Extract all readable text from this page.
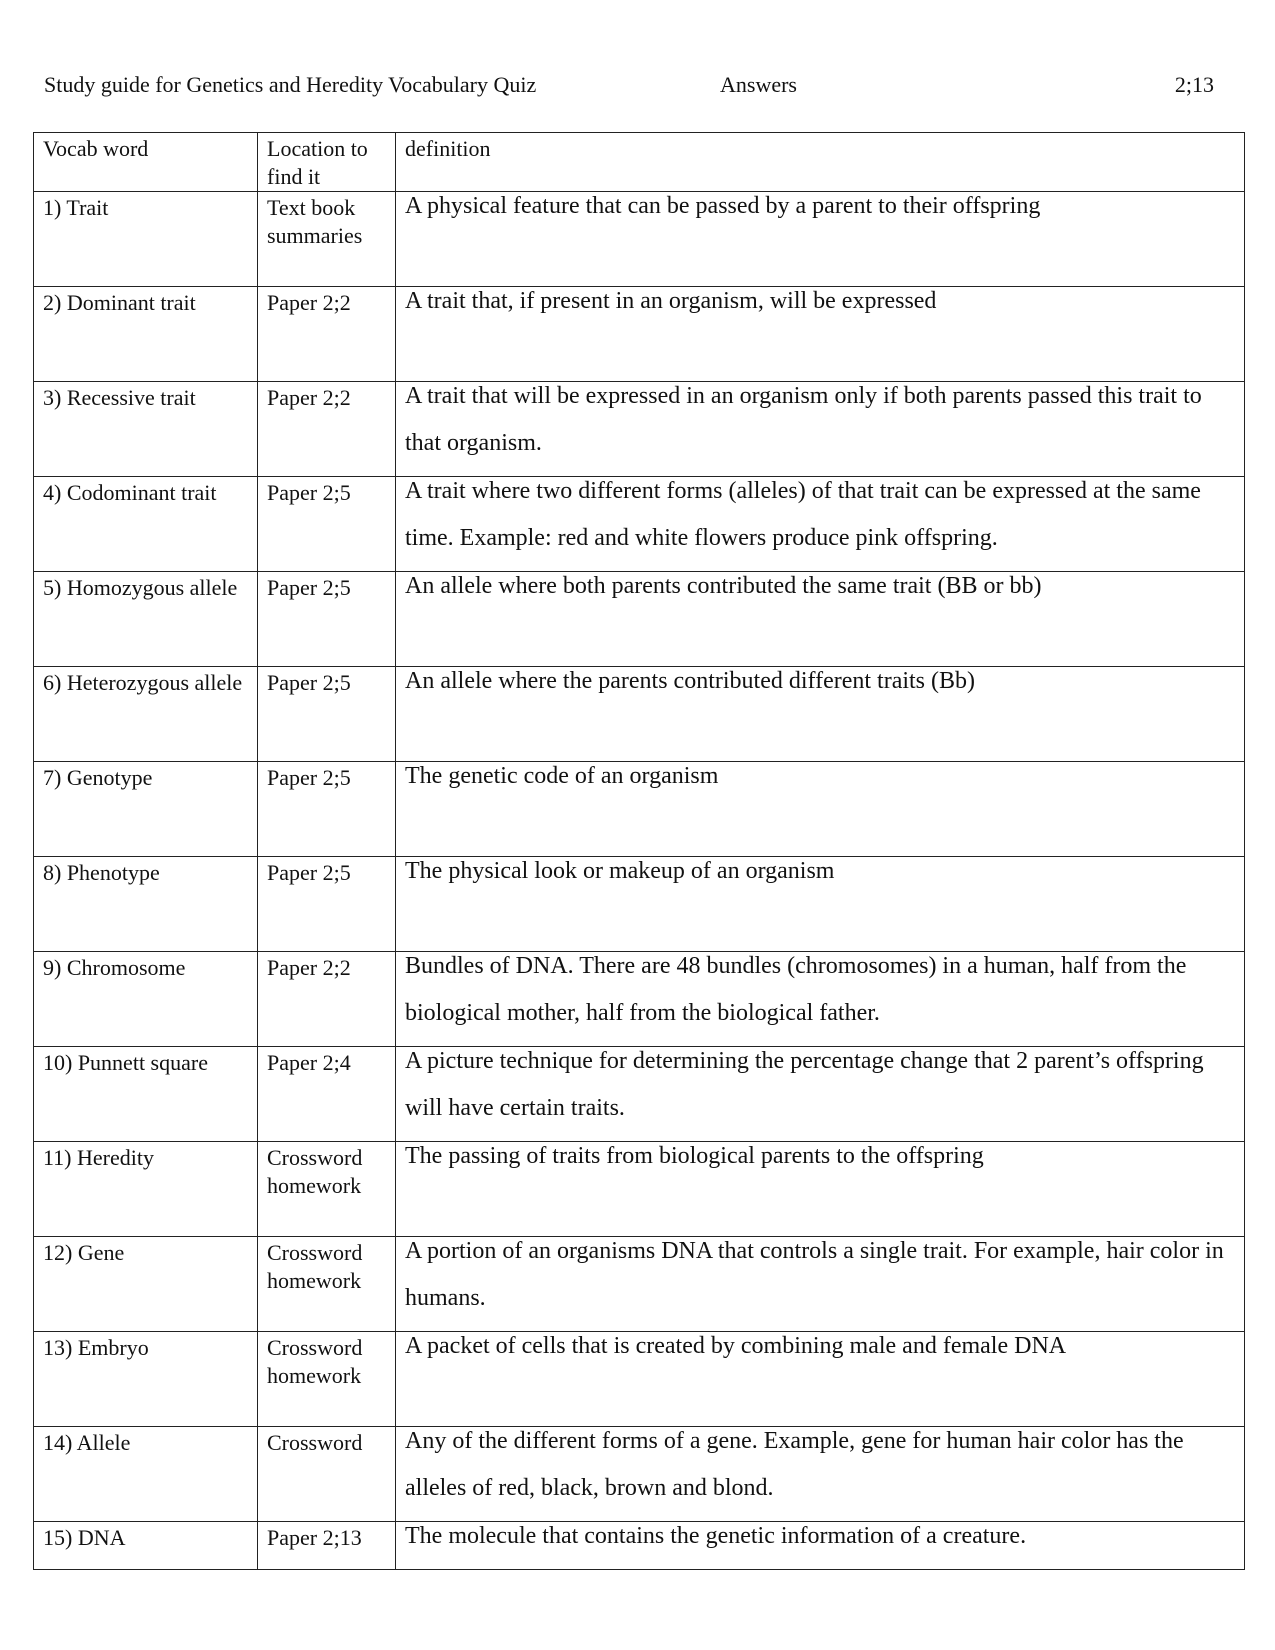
Study guide for Genetics and Heredity Vocabulary Quiz	Answers	2;13
Vocab word	Location to find it	definition

1) Trait	Text book summaries	A physical feature that can be passed by a parent to their offspring

2) Dominant trait	Paper 2;2	A trait that, if present in an organism, will be expressed

3) Recessive trait	Paper 2;2	A trait that will be expressed in an organism only if both parents passed this trait to that organism.

4) Codominant trait	Paper 2;5	A trait where two different forms (alleles) of that trait can be expressed at the same time. Example: red and white flowers produce pink offspring.

5) Homozygous allele	Paper 2;5	An allele where both parents contributed the same trait (BB or bb)

6) Heterozygous allele	Paper 2;5	An allele where the parents contributed different traits (Bb)

7) Genotype	Paper 2;5	The genetic code of an organism

8) Phenotype	Paper 2;5	The physical look or makeup of an organism

9) Chromosome	Paper 2;2	Bundles of DNA. There are 48 bundles (chromosomes) in a human, half from the biological mother, half from the biological father.

10) Punnett square	Paper 2;4	A picture technique for determining the percentage change that 2 parent’s offspring will have certain traits.

11) Heredity	Crossword homework	The passing of traits from biological parents to the offspring

12) Gene	Crossword homework	A portion of an organisms DNA that controls a single trait. For example, hair color in humans.

13) Embryo	Crossword homework	A packet of cells that is created by combining male and female DNA

14) Allele	Crossword	Any of the different forms of a gene. Example, gene for human hair color has the alleles of red, black, brown and blond.

15) DNA	Paper 2;13	The molecule that contains the genetic information of a creature.
